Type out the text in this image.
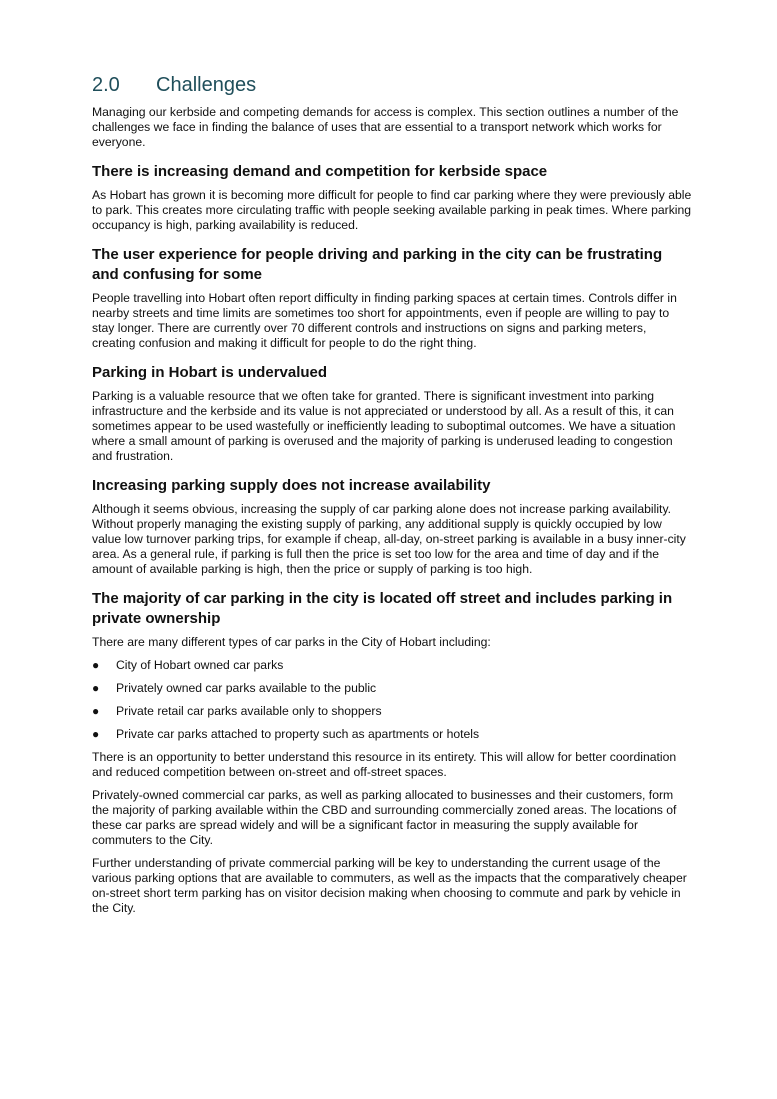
2.0 Challenges

Managing our kerbside and competing demands for access is complex. This section outlines a number of the challenges we face in finding the balance of uses that are essential to a transport network which works for everyone.

There is increasing demand and competition for kerbside space

As Hobart has grown it is becoming more difficult for people to find car parking where they were previously able to park. This creates more circulating traffic with people seeking available parking in peak times. Where parking occupancy is high, parking availability is reduced.

The user experience for people driving and parking in the city can be frustrating and confusing for some

People travelling into Hobart often report difficulty in finding parking spaces at certain times. Controls differ in nearby streets and time limits are sometimes too short for appointments, even if people are willing to pay to stay longer. There are currently over 70 different controls and instructions on signs and parking meters, creating confusion and making it difficult for people to do the right thing.

Parking in Hobart is undervalued

Parking is a valuable resource that we often take for granted. There is significant investment into parking infrastructure and the kerbside and its value is not appreciated or understood by all. As a result of this, it can sometimes appear to be used wastefully or inefficiently leading to suboptimal outcomes. We have a situation where a small amount of parking is overused and the majority of parking is underused leading to congestion and frustration.

Increasing parking supply does not increase availability

Although it seems obvious, increasing the supply of car parking alone does not increase parking availability. Without properly managing the existing supply of parking, any additional supply is quickly occupied by low value low turnover parking trips, for example if cheap, all-day, on-street parking is available in a busy inner-city area. As a general rule, if parking is full then the price is set too low for the area and time of day and if the amount of available parking is high, then the price or supply of parking is too high.

The majority of car parking in the city is located off street and includes parking in private ownership

There are many different types of car parks in the City of Hobart including:

● City of Hobart owned car parks
● Privately owned car parks available to the public
● Private retail car parks available only to shoppers
● Private car parks attached to property such as apartments or hotels

There is an opportunity to better understand this resource in its entirety. This will allow for better coordination and reduced competition between on-street and off-street spaces.

Privately-owned commercial car parks, as well as parking allocated to businesses and their customers, form the majority of parking available within the CBD and surrounding commercially zoned areas. The locations of these car parks are spread widely and will be a significant factor in measuring the supply available for commuters to the City.

Further understanding of private commercial parking will be key to understanding the current usage of the various parking options that are available to commuters, as well as the impacts that the comparatively cheaper on-street short term parking has on visitor decision making when choosing to commute and park by vehicle in the City.
